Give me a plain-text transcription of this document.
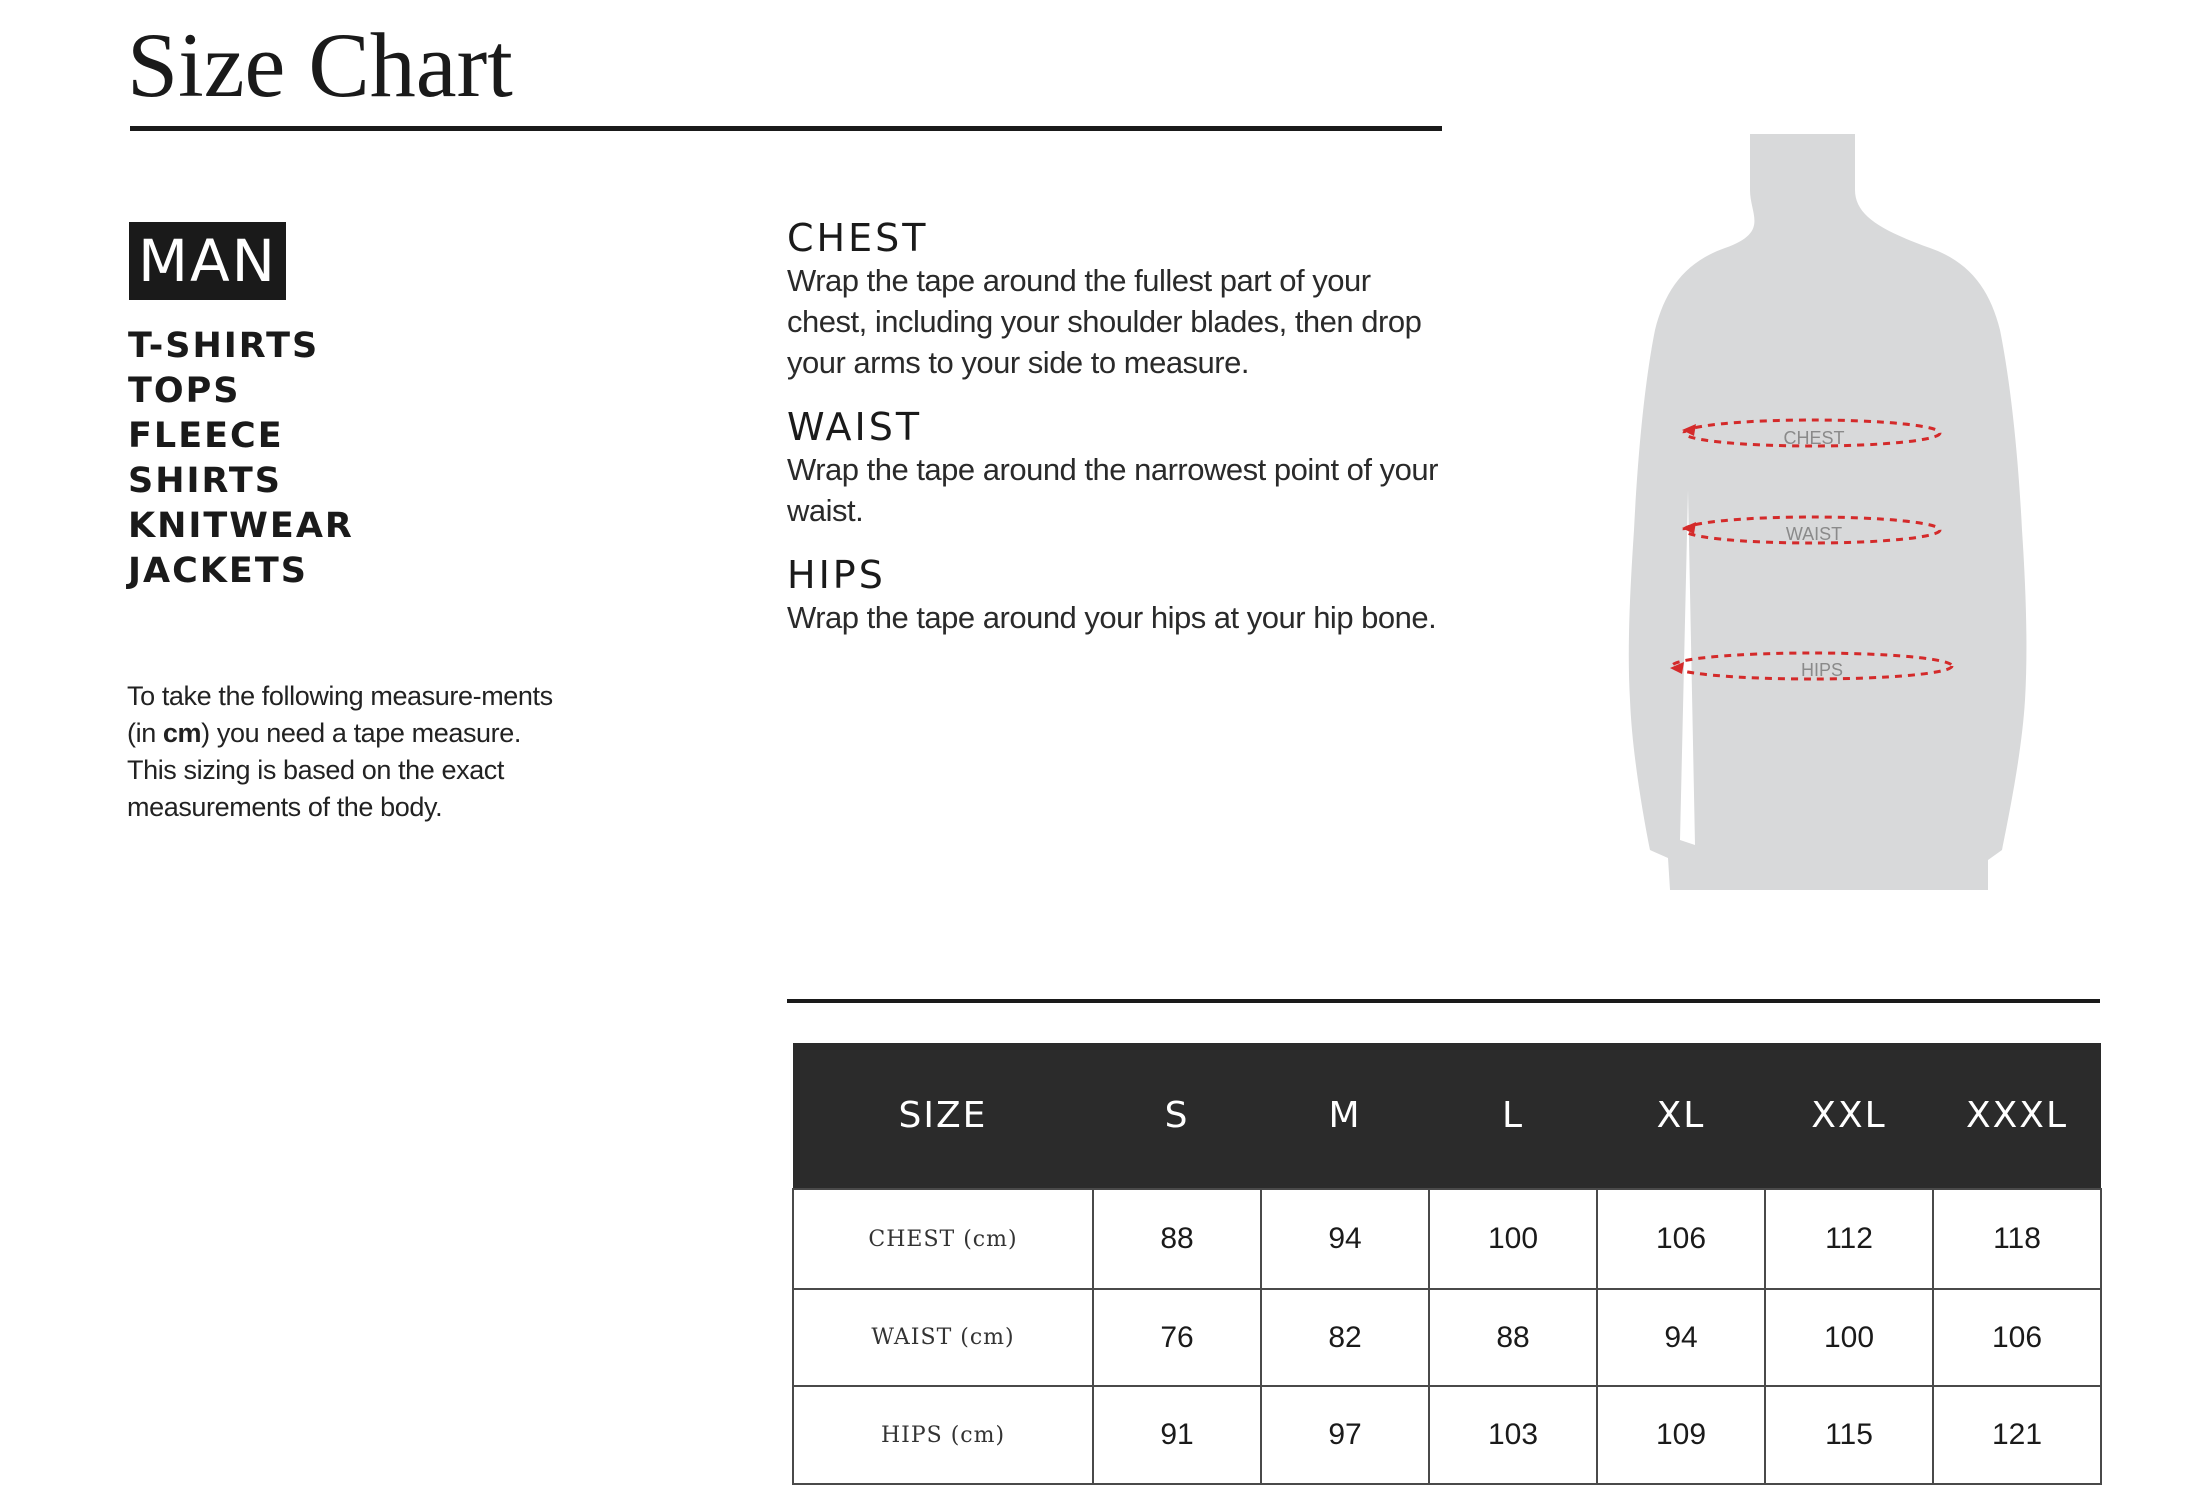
Size Chart
MAN
T-SHIRTS
TOPS
FLEECE
SHIRTS
KNITWEAR
JACKETS

To take the following measure-ments (in cm) you need a tape measure.

This sizing is based on the exact measurements of the body.

CHEST
Wrap the tape around the fullest part of your chest, including your shoulder blades, then drop your arms to your side to measure.
WAIST
Wrap the tape around the narrowest point of your waist.
HIPS
Wrap the tape around your hips at your hip bone.
CHEST
WAIST
HIPS
SIZE	S	M	L	XL	XXL	XXXL
CHEST (cm)	88	94	100	106	112	118
WAIST (cm)	76	82	88	94	100	106
HIPS (cm)	91	97	103	109	115	121
